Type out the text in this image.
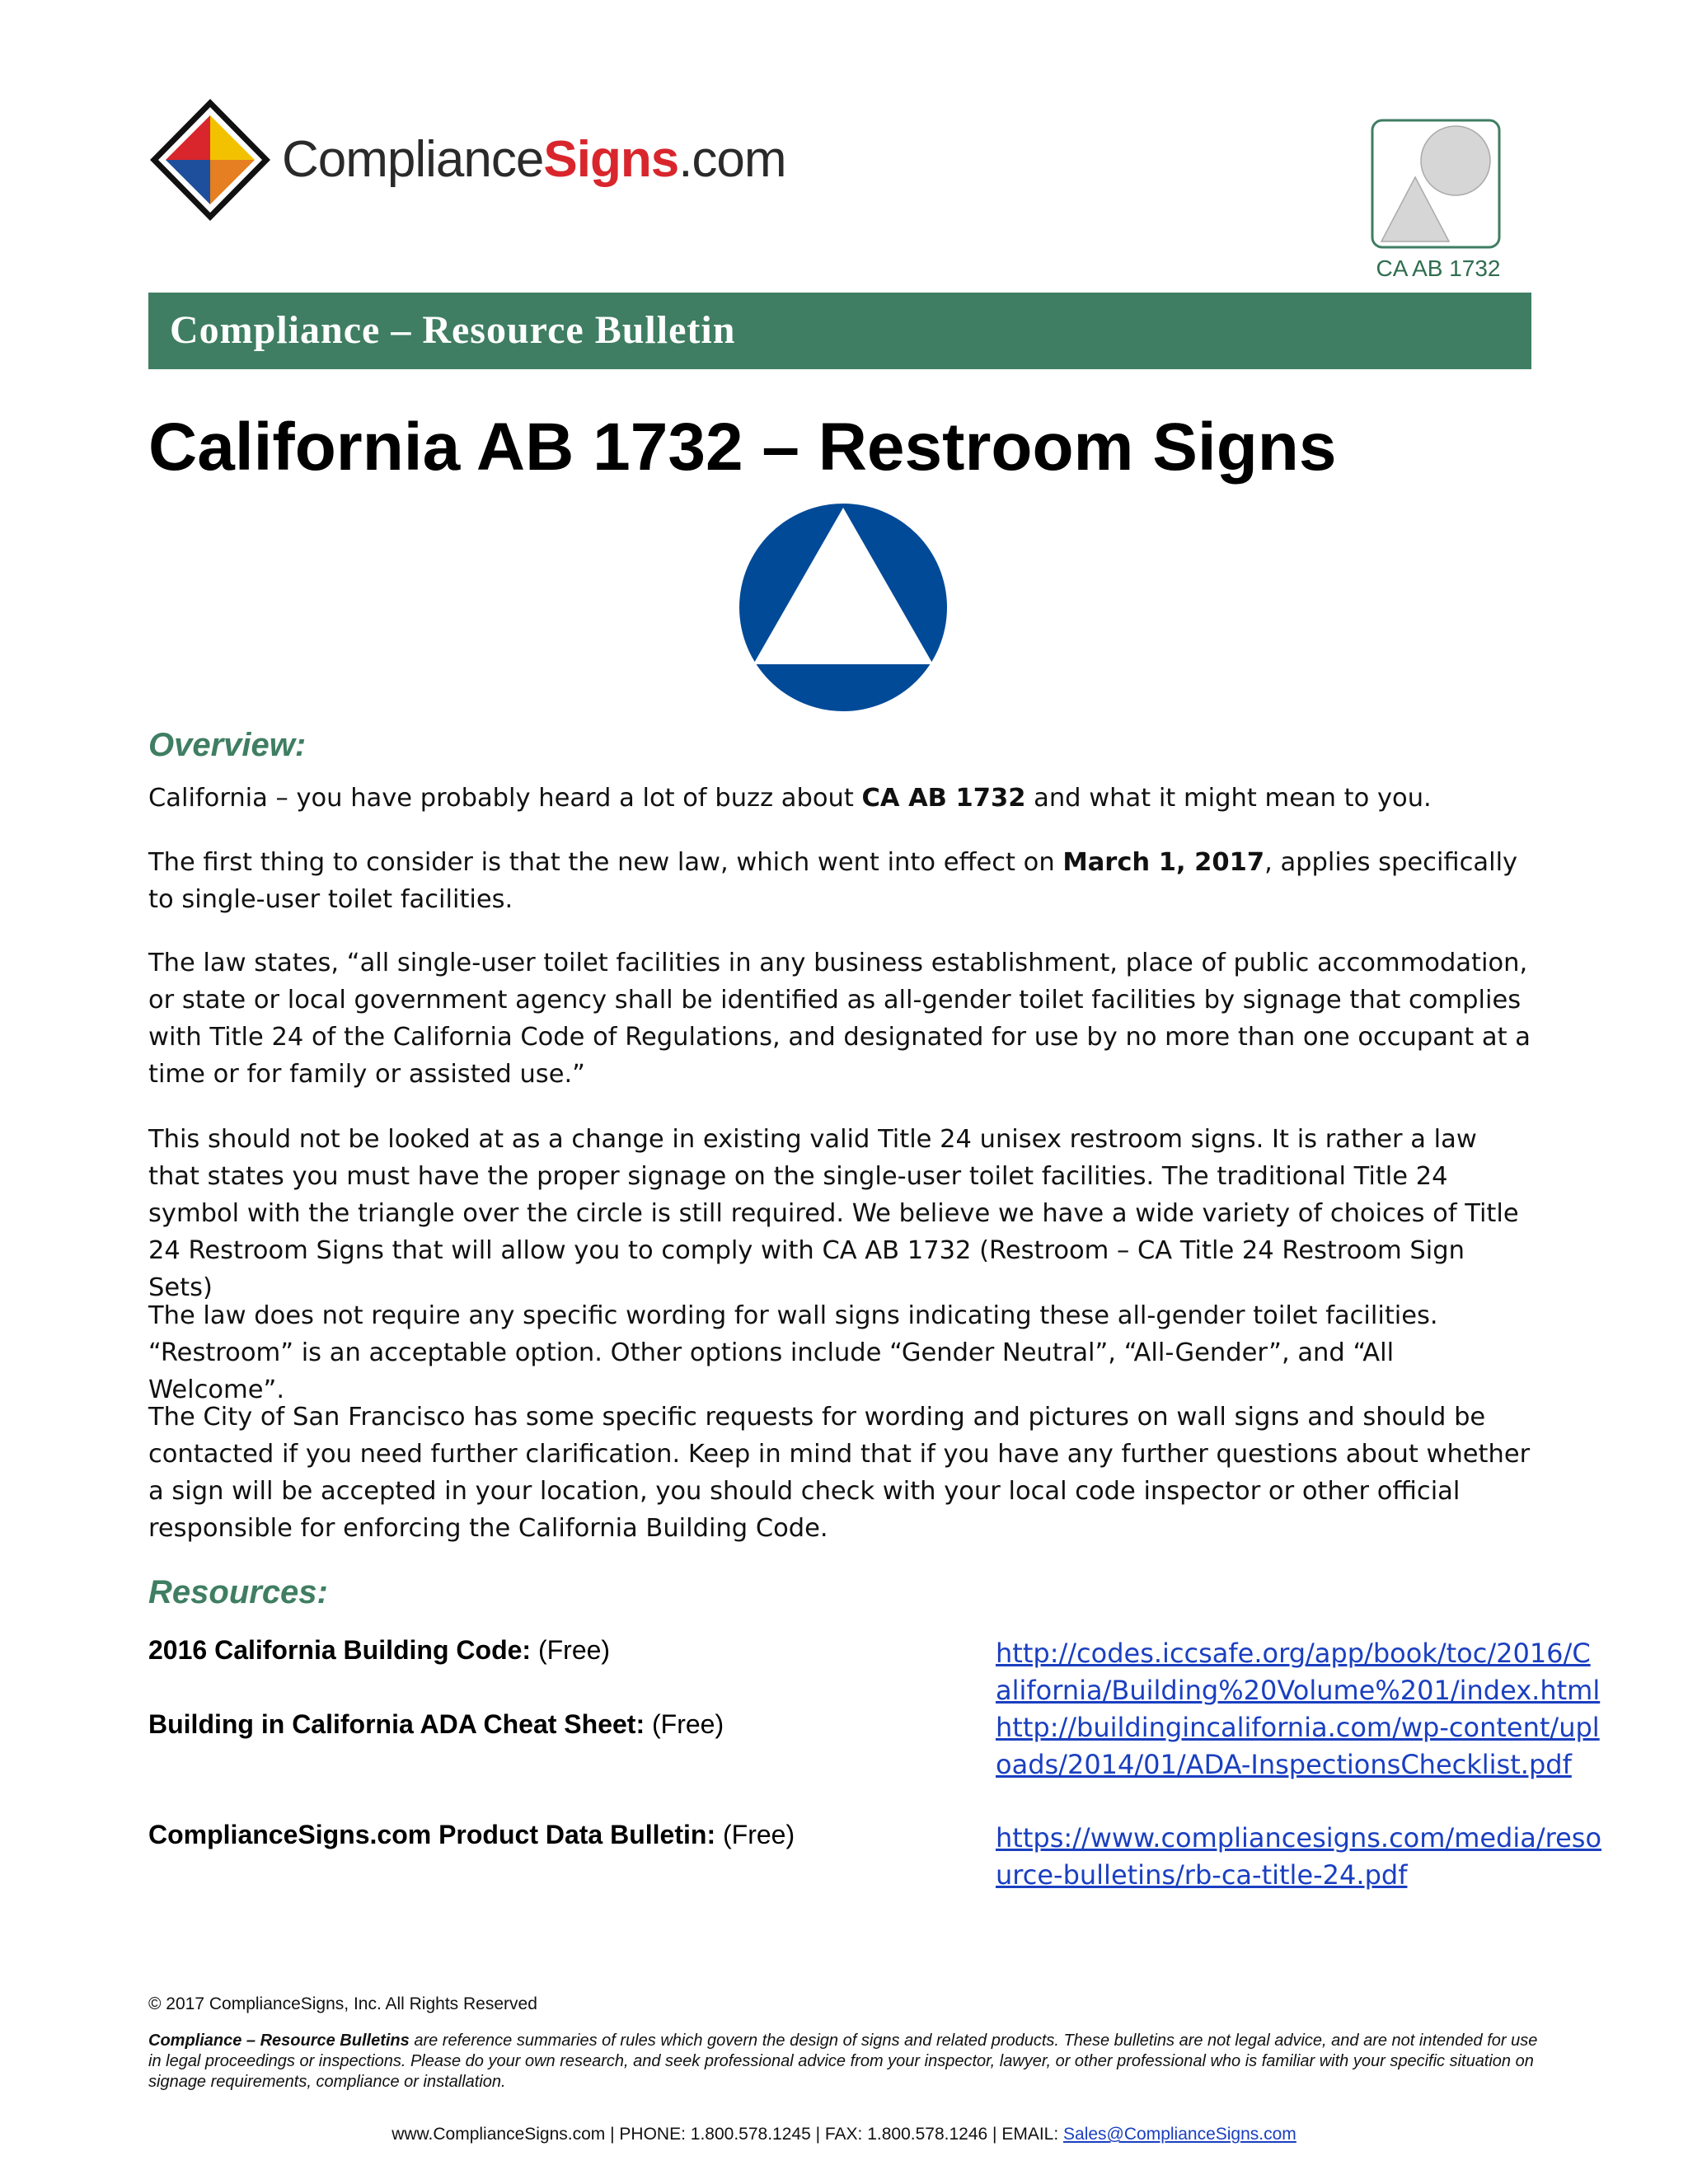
ComplianceSigns.com
CA AB 1732
Compliance – Resource Bulletin
California AB 1732 – Restroom Signs
Overview:

California – you have probably heard a lot of buzz about CA AB 1732 and what it might mean to you.

The first thing to consider is that the new law, which went into effect on March 1, 2017, applies specifically to single-user toilet facilities.

The law states, “all single-user toilet facilities in any business establishment, place of public accommodation, or state or local government agency shall be identified as all-gender toilet facilities by signage that complies with Title 24 of the California Code of Regulations, and designated for use by no more than one occupant at a time or for family or assisted use.”

This should not be looked at as a change in existing valid Title 24 unisex restroom signs. It is rather a law that states you must have the proper signage on the single-user toilet facilities. The traditional Title 24 symbol with the triangle over the circle is still required. We believe we have a wide variety of choices of Title 24 Restroom Signs that will allow you to comply with CA AB 1732 (Restroom – CA Title 24 Restroom Sign Sets)

The law does not require any specific wording for wall signs indicating these all-gender toilet facilities. “Restroom” is an acceptable option. Other options include “Gender Neutral”, “All-Gender”, and “All Welcome”.

The City of San Francisco has some specific requests for wording and pictures on wall signs and should be contacted if you need further clarification. Keep in mind that if you have any further questions about whether a sign will be accepted in your location, you should check with your local code inspector or other official responsible for enforcing the California Building Code.

Resources:
2016 California Building Code: (Free)	http://codes.iccsafe.org/app/book/toc/2016/California/Building%20Volume%201/index.html
Building in California ADA Cheat Sheet: (Free)	http://buildingincalifornia.com/wp-content/uploads/2014/01/ADA-InspectionsChecklist.pdf
ComplianceSigns.com Product Data Bulletin: (Free)	https://www.compliancesigns.com/media/resource-bulletins/rb-ca-title-24.pdf
© 2017 ComplianceSigns, Inc. All Rights Reserved
Compliance – Resource Bulletins are reference summaries of rules which govern the design of signs and related products. These bulletins are not legal advice, and are not intended for use in legal proceedings or inspections. Please do your own research, and seek professional advice from your inspector, lawyer, or other professional who is familiar with your specific situation on signage requirements, compliance or installation.
www.ComplianceSigns.com | PHONE: 1.800.578.1245 | FAX: 1.800.578.1246 | EMAIL: Sales@ComplianceSigns.com
